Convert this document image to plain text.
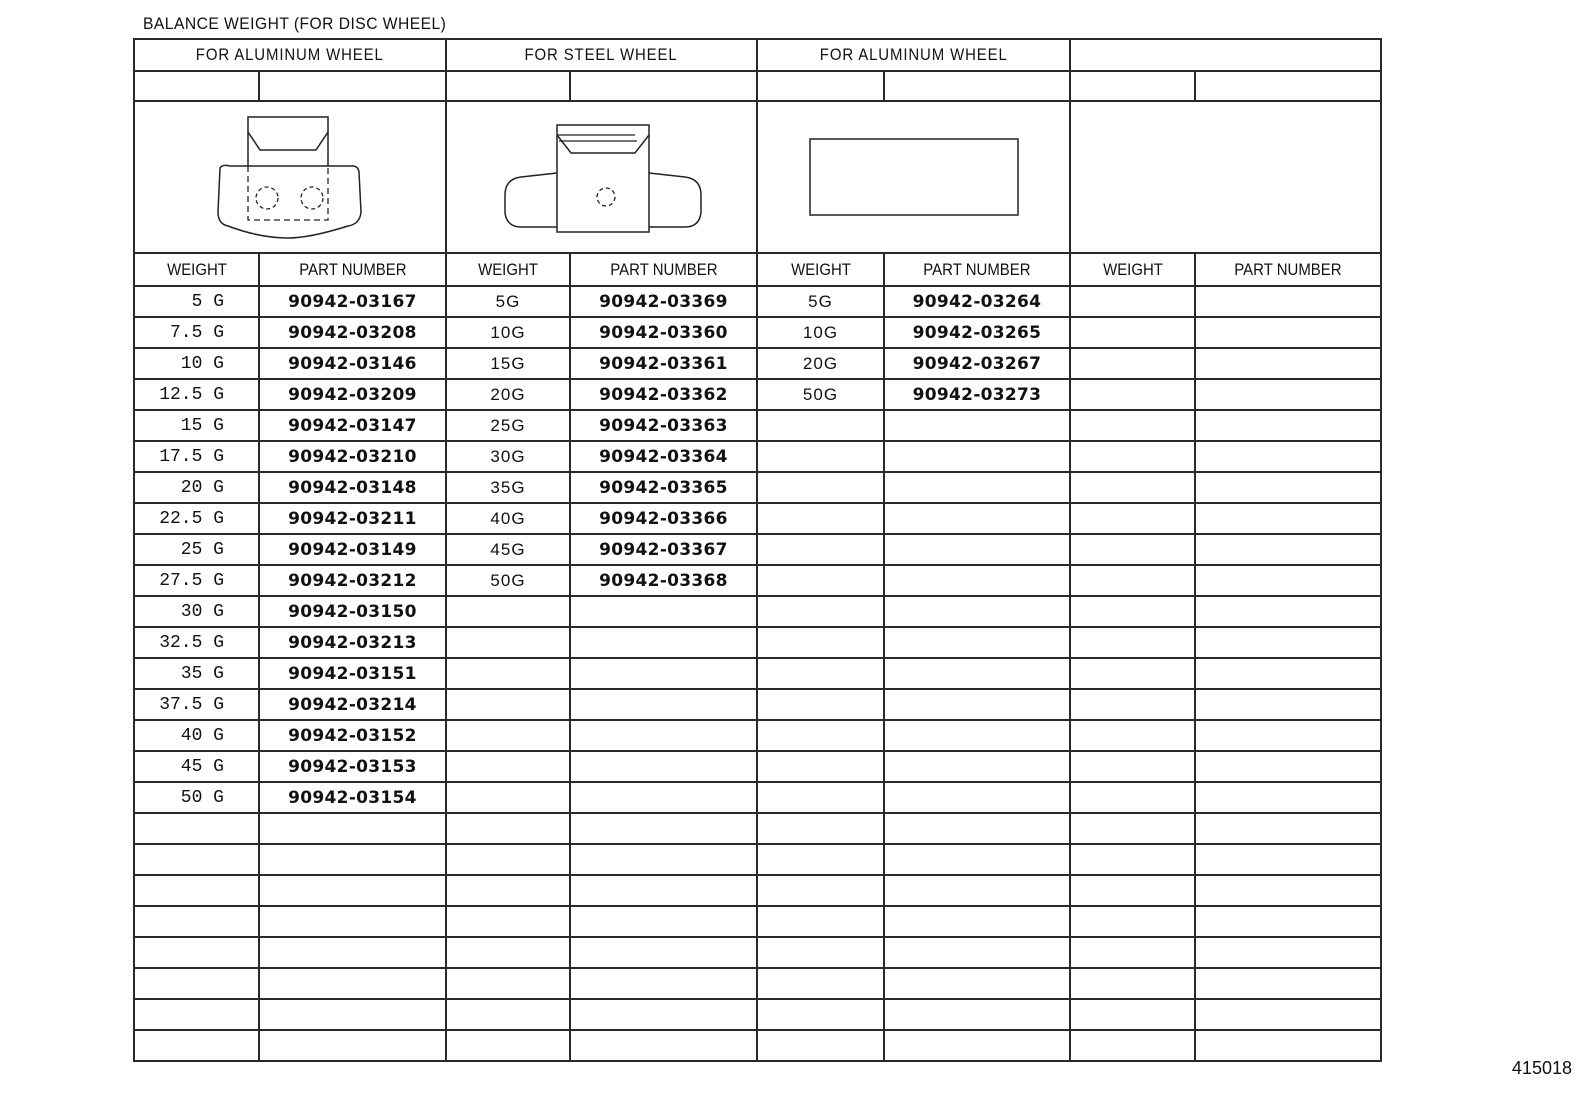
BALANCE WEIGHT (FOR DISC WHEEL)
FOR ALUMINUM WHEEL		FOR STEEL WHEEL		FOR ALUMINUM WHEEL			

WEIGHT	PART NUMBER	WEIGHT	PART NUMBER	WEIGHT	PART NUMBER	WEIGHT	PART NUMBER
5 G	90942-03167	5G	90942-03369	5G	90942-03264		
7.5 G	90942-03208	10G	90942-03360	10G	90942-03265		
10 G	90942-03146	15G	90942-03361	20G	90942-03267		
12.5 G	90942-03209	20G	90942-03362	50G	90942-03273		
15 G	90942-03147	25G	90942-03363				
17.5 G	90942-03210	30G	90942-03364				
20 G	90942-03148	35G	90942-03365				
22.5 G	90942-03211	40G	90942-03366				
25 G	90942-03149	45G	90942-03367				
27.5 G	90942-03212	50G	90942-03368				
30 G	90942-03150						
32.5 G	90942-03213						
35 G	90942-03151						
37.5 G	90942-03214						
40 G	90942-03152						
45 G	90942-03153						
50 G	90942-03154						

415018
